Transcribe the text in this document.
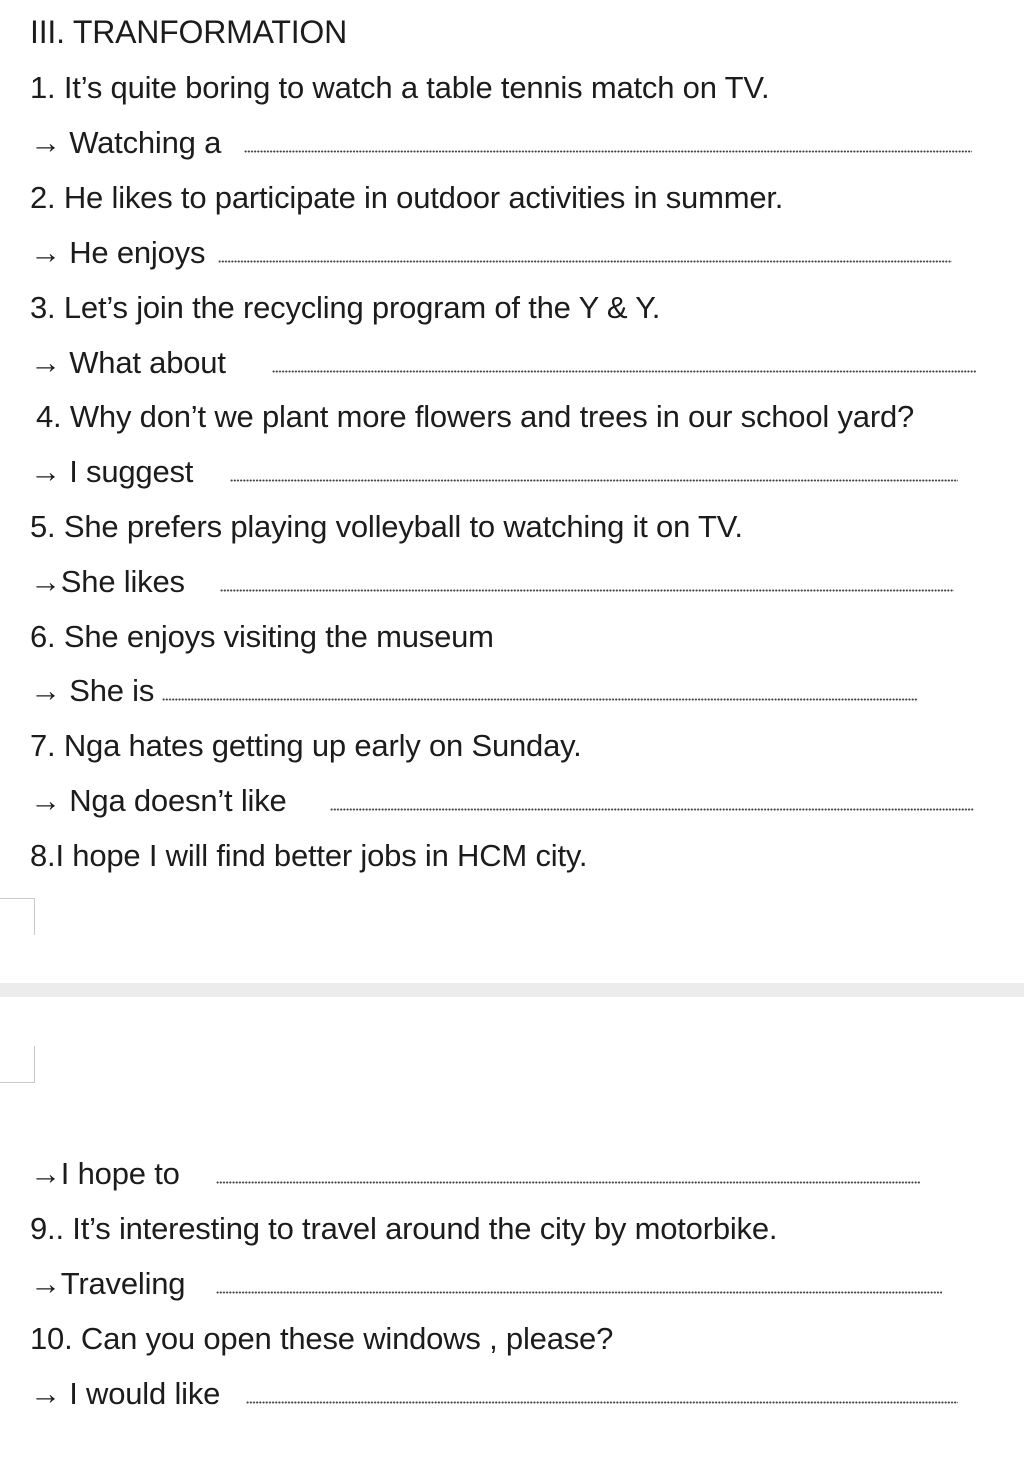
III. TRANFORMATION
1. It’s quite boring to watch a table tennis match on TV.
→ Watching a
2. He likes to participate in outdoor activities in summer.
→ He enjoys
3. Let’s join the recycling program of the Y & Y.
→ What about
4. Why don’t we plant more flowers and trees in our school yard?
→ I suggest
5. She prefers playing volleyball to watching it on TV.
→She likes
6. She enjoys visiting the museum
→ She is
7. Nga hates getting up early on Sunday.
→ Nga doesn’t like
8.I hope I will find better jobs in HCM city.
→I hope to
9.. It’s interesting to travel around the city by motorbike.
→Traveling
10. Can you open these windows , please?
→ I would like
